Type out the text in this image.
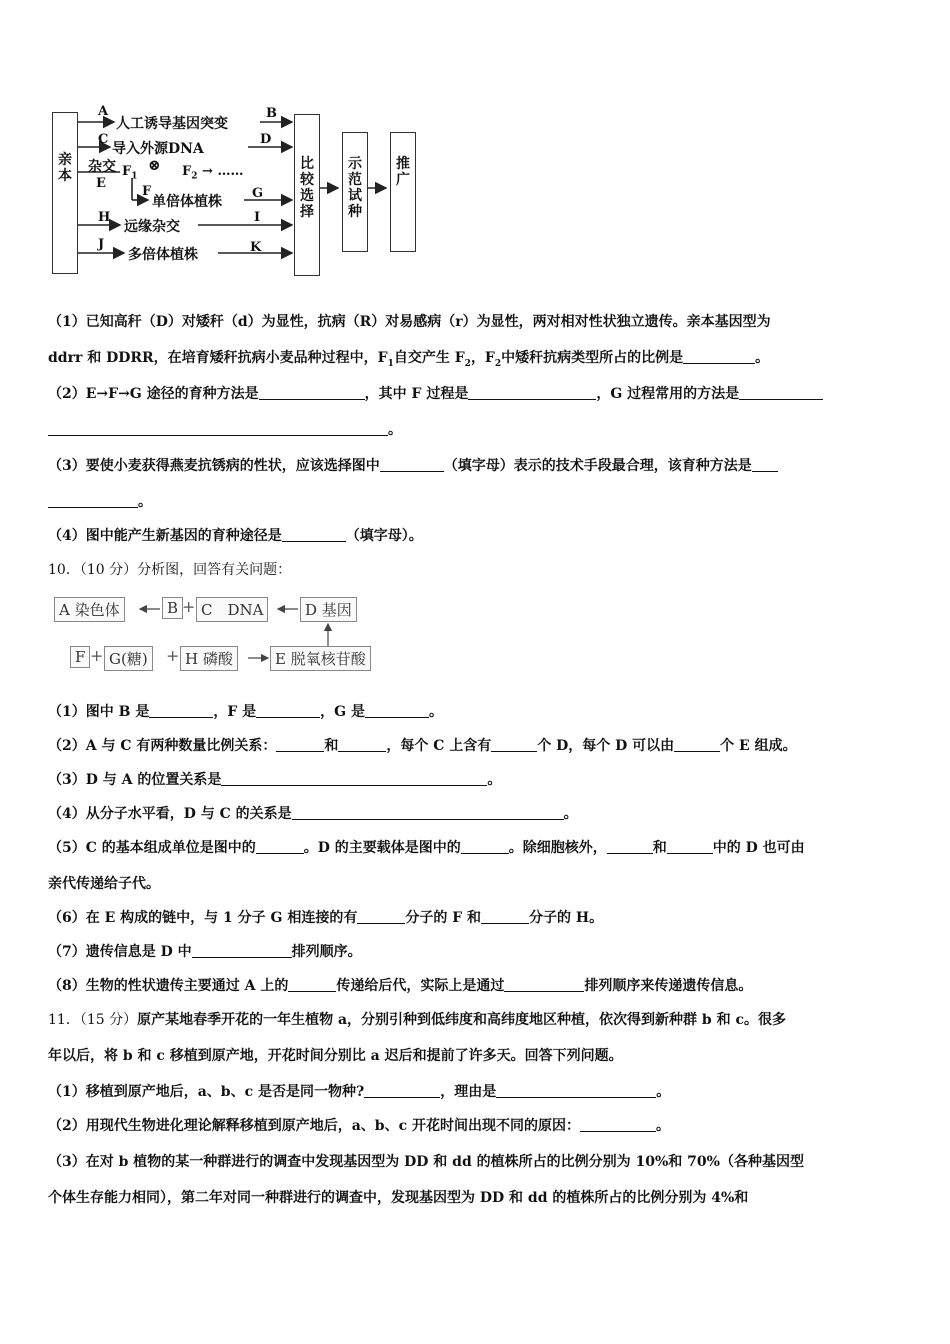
亲本
比较选择
示范试种
推广
A	B
C	D
E
F	G
H	I
J	K
人工诱导基因突变
导入外源DNA
杂交 $F_1$
⊗ $F_2$ → ……
单倍体植株
远缘杂交
多倍体植株
（1）已知高秆（D）对矮秆（d）为显性，抗病（R）对易感病（r）为显性，两对相对性状独立遗传。亲本基因型为
ddrr 和 DDRR，在培育矮秆抗病小麦品种过程中，$F_1$自交产生 $F_2$，$F_2$中矮秆抗病类型所占的比例是	。
（2）E→F→G 途径的育种方法是	，其中 F 过程是	，G 过程常用的方法是
。
（3）要使小麦获得燕麦抗锈病的性状，应该选择图中	（填字母）表示的技术手段最合理，该育种方法是
。
（4）图中能产生新基因的育种途径是	（填字母）。
10．（10 分）分析图，回答有关问题：
A 染色体	B + C　DNA	D 基因
F + G(糖)	+ H 磷酸	E 脱氧核苷酸
（1）图中 B 是	，F 是	，G 是	。
（2）A 与 C 有两种数量比例关系：	和	，每个 C 上含有	个 D，每个 D 可以由	个 E 组成。
（3）D 与 A 的位置关系是	。
（4）从分子水平看，D 与 C 的关系是	。
（5）C 的基本组成单位是图中的	。D 的主要载体是图中的	。除细胞核外，	和	中的 D 也可由
亲代传递给子代。
（6）在 E 构成的链中，与 1 分子 G 相连接的有	分子的 F 和	分子的 H。
（7）遗传信息是 D 中	排列顺序。
（8）生物的性状遗传主要通过 A 上的	传递给后代，实际上是通过	排列顺序来传递遗传信息。
11．（15 分）原产某地春季开花的一年生植物 a，分别引种到低纬度和高纬度地区种植，依次得到新种群 b 和 c。很多
年以后，将 b 和 c 移植到原产地，开花时间分别比 a 迟后和提前了许多天。回答下列问题。
（1）移植到原产地后，a、b、c 是否是同一物种?	，理由是	。
（2）用现代生物进化理论解释移植到原产地后，a、b、c 开花时间出现不同的原因：	。
（3）在对 b 植物的某一种群进行的调查中发现基因型为 DD 和 dd 的植株所占的比例分别为 10%和 70%（各种基因型
个体生存能力相同），第二年对同一种群进行的调查中，发现基因型为 DD 和 dd 的植株所占的比例分别为 4%和
